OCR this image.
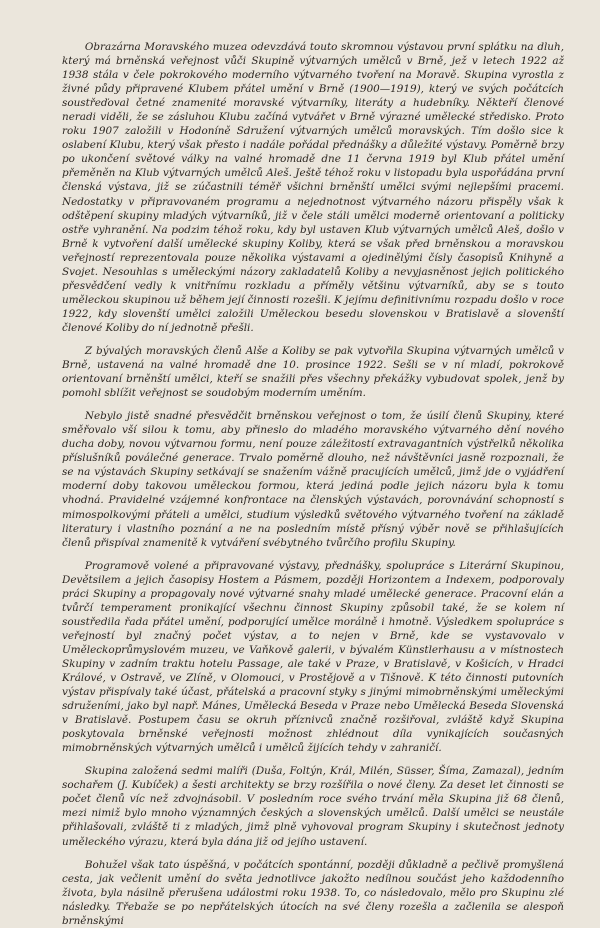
Obrazárna Moravského muzea odevzdává touto skromnou výstavou první splátku na dluh, který má brněnská veřejnost vůči Skupině výtvarných umělců v Brně, jež v letech 1922 až 1938 stála v čele pokrokového moderního výtvarného tvoření na Moravě. Skupina vyrostla z živné půdy připravené Klubem přátel umění v Brně (1900—1919), který ve svých počátcích soustřeďoval četné znamenité moravské výtvarníky, literáty a hudebníky. Někteří členové neradi viděli, že se zásluhou Klubu začíná vytvářet v Brně výrazné umělecké středisko. Proto roku 1907 založili v Hodoníně Sdružení výtvarných umělců moravských. Tím došlo sice k oslabení Klubu, který však přesto i nadále pořádal přednášky a důležité výstavy. Poměrně brzy po ukončení světové války na valné hromadě dne 11 června 1919 byl Klub přátel umění přeměněn na Klub výtvarných umělců Aleš. Ještě téhož roku v listopadu byla uspořádána první členská výstava, již se zúčastnili téměř všichni brněnští umělci svými nejlepšími pracemi. Nedostatky v připravovaném programu a nejednotnost výtvarného názoru přispěly však k odštěpení skupiny mladých výtvarníků, již v čele stáli umělci moderně orientovaní a politicky ostře vyhranění. Na podzim téhož roku, kdy byl ustaven Klub výtvarných umělců Aleš, došlo v Brně k vytvoření další umělecké skupiny Koliby, která se však před brněnskou a moravskou veřejností reprezentovala pouze několika výstavami a ojedinělými čísly časopisů Knihyně a Svojet. Nesouhlas s uměleckými názory zakladatelů Koliby a nevyjasněnost jejich politického přesvědčení vedly k vnitřnímu rozkladu a příměly většinu výtvarníků, aby se s touto uměleckou skupinou už během její činnosti rozešli. K jejímu definitivnímu rozpadu došlo v roce 1922, kdy slovenští umělci založili Uměleckou besedu slovenskou v Bratislavě a slovenští členové Koliby do ní jednotně přešli.

Z bývalých moravských členů Alše a Koliby se pak vytvořila Skupina výtvarných umělců v Brně, ustavená na valné hromadě dne 10. prosince 1922. Sešli se v ní mladí, pokrokově orientovaní brněnští umělci, kteří se snažili přes všechny překážky vybudovat spolek, jenž by pomohl sblížit veřejnost se soudobým moderním uměním.

Nebylo jistě snadné přesvědčit brněnskou veřejnost o tom, že úsilí členů Skupiny, které směřovalo vší silou k tomu, aby přineslo do mladého moravského výtvarného dění nového ducha doby, novou výtvarnou formu, není pouze záležitostí extravagantních výstřelků několika příslušníků poválečné generace. Trvalo poměrně dlouho, než návštěvníci jasně rozpoznali, že se na výstavách Skupiny setkávají se snažením vážně pracujících umělců, jimž jde o vyjádření moderní doby takovou uměleckou formou, která jediná podle jejich názoru byla k tomu vhodná. Pravidelné vzájemné konfrontace na členských výstavách, porovnávání schopností s mimospolkovými přáteli a umělci, studium výsledků světového výtvarného tvoření na základě literatury i vlastního poznání a ne na posledním místě přísný výběr nově se přihlašujících členů přispíval znamenitě k vytváření svébytného tvůrčího profilu Skupiny.

Programově volené a připravované výstavy, přednášky, spolupráce s Literární Skupinou, Devětsilem a jejich časopisy Hostem a Pásmem, později Horizontem a Indexem, podporovaly práci Skupiny a propagovaly nové výtvarné snahy mladé umělecké generace. Pracovní elán a tvůrčí temperament pronikající všechnu činnost Skupiny způsobil také, že se kolem ní soustředila řada přátel umění, podporující umělce morálně i hmotně. Výsledkem spolupráce s veřejností byl značný počet výstav, a to nejen v Brně, kde se vystavovalo v Uměleckoprůmyslovém muzeu, ve Vaňkově galerii, v bývalém Künstlerhausu a v místnostech Skupiny v zadním traktu hotelu Passage, ale také v Praze, v Bratislavě, v Košicích, v Hradci Králové, v Ostravě, ve Zlíně, v Olomouci, v Prostějově a v Tišnově. K této činnosti putovních výstav přispívaly také účast, přátelská a pracovní styky s jinými mimobrněnskými uměleckými sdruženími, jako byl např. Mánes, Umělecká Beseda v Praze nebo Umělecká Beseda Slovenská v Bratislavě. Postupem času se okruh příznivců značně rozšiřoval, zvláště když Skupina poskytovala brněnské veřejnosti možnost zhlédnout díla vynikajících současných mimobrněnských výtvarných umělců i umělců žijících tehdy v zahraničí.

Skupina založená sedmi malíři (Duša, Foltýn, Král, Milén, Süsser, Šíma, Zamazal), jedním sochařem (J. Kubíček) a šesti architekty se brzy rozšířila o nové členy. Za deset let činnosti se počet členů víc než zdvojnásobil. V posledním roce svého trvání měla Skupina již 68 členů, mezi nimiž bylo mnoho významných českých a slovenských umělců. Další umělci se neustále přihlašovali, zvláště ti z mladých, jimž plně vyhovoval program Skupiny i skutečnost jednoty uměleckého výrazu, která byla dána již od jejího ustavení.

Bohužel však tato úspěšná, v počátcích spontánní, později důkladně a pečlivě promyšlená cesta, jak večlenit umění do světa jednotlivce jakožto nedílnou součást jeho každodenního života, byla násilně přerušena událostmi roku 1938. To, co následovalo, mělo pro Skupinu zlé následky. Třebaže se po nepřátelských útocích na své členy rozešla a začlenila se alespoň brněnskými
